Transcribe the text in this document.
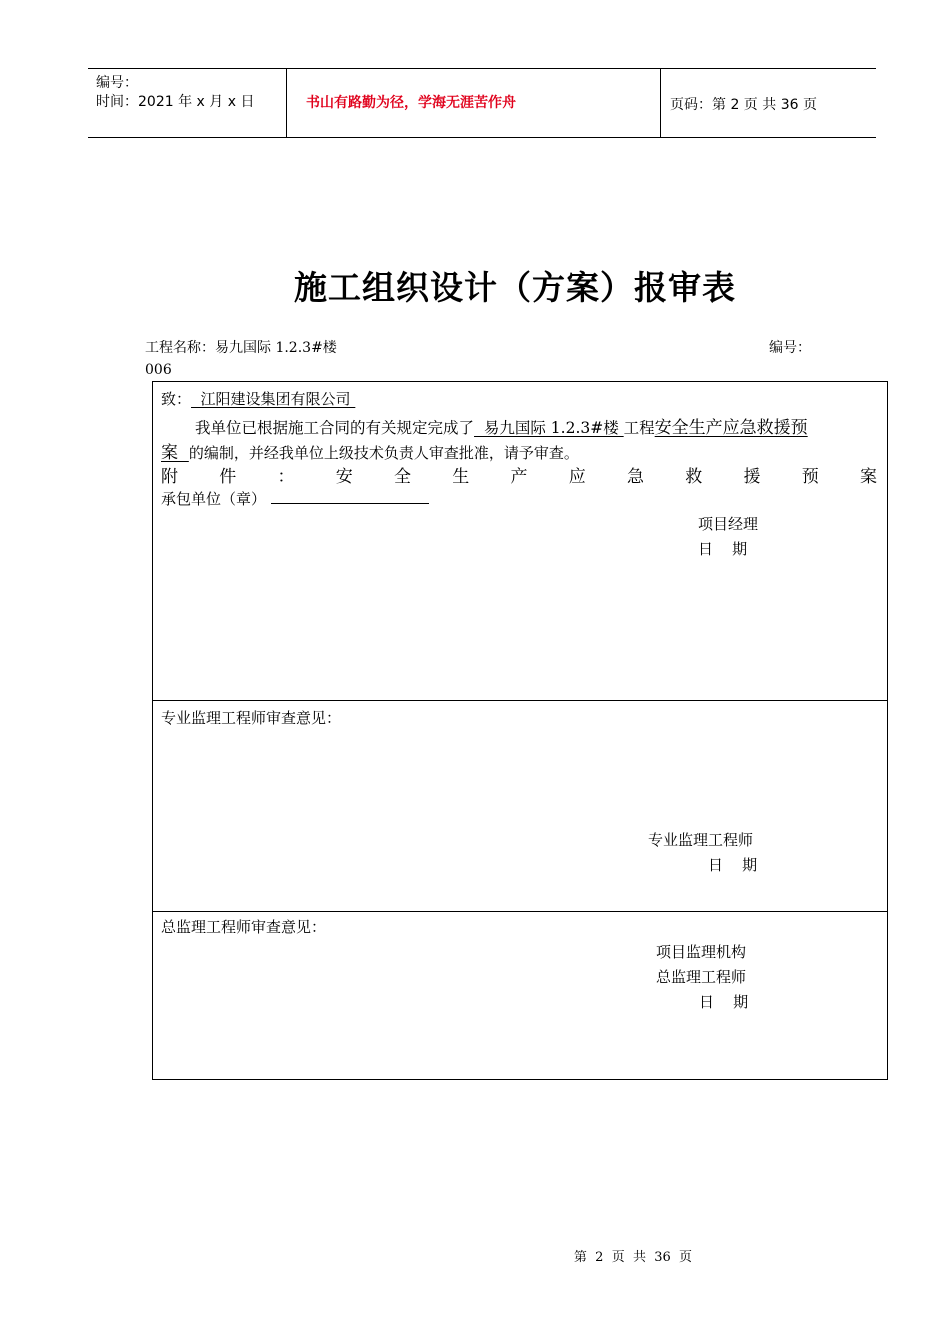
编号：
时间：2021 年 x 月 x 日	书山有路勤为径，学海无涯苦作舟	页码：第 2 页 共 36 页
施工组织设计（方案）报审表
工程名称：易九国际 1.2.3#楼	编号：
006
致：  江阳建设集团有限公司
我单位已根据施工合同的有关规定完成了  易九国际 1.2.3#楼 工程安全生产应急救援预
案  的编制，并经我单位上级技术负责人审查批准，请予审查。
附 件 ： 安 全 生 产 应 急 救 援 预 案
承包单位（章）
项目经理
日    期
专业监理工程师审查意见：
专业监理工程师
日    期
总监理工程师审查意见：
项目监理机构
总监理工程师
日    期
第  2  页  共  36  页
